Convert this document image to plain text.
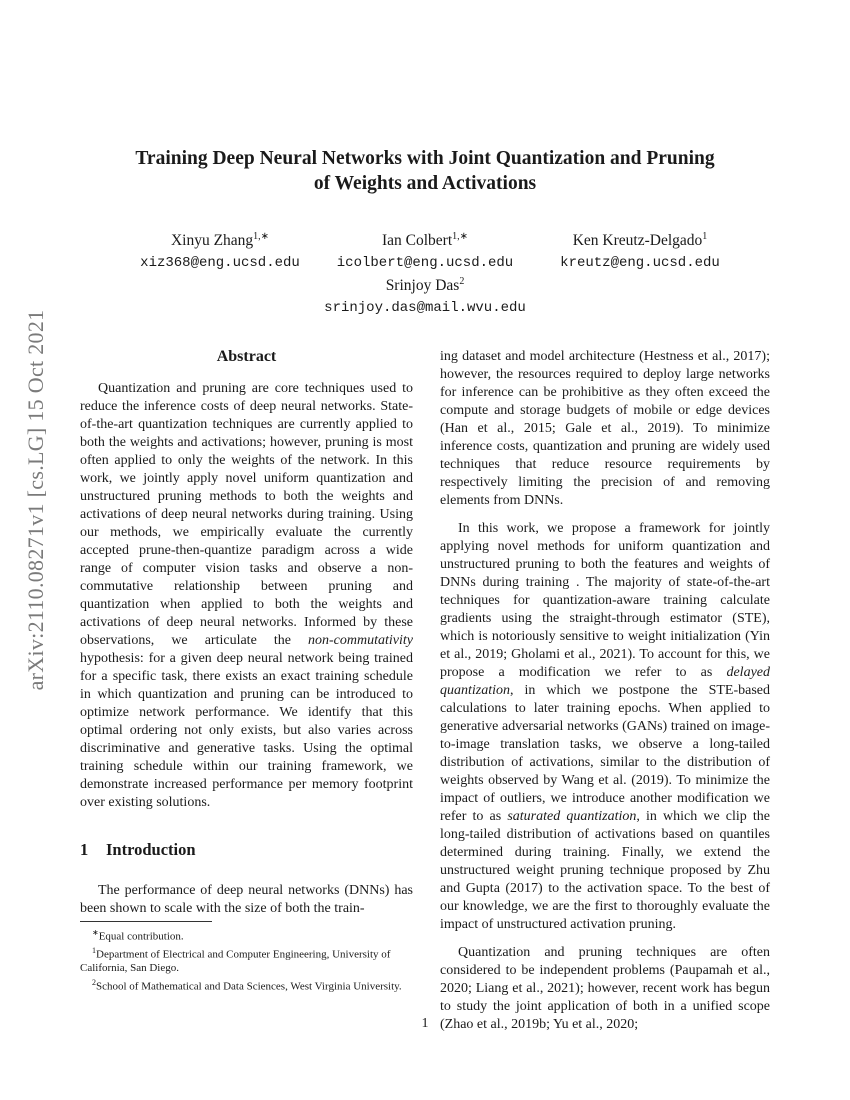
arXiv:2110.08271v1 [cs.LG] 15 Oct 2021
Training Deep Neural Networks with Joint Quantization and Pruning
of Weights and Activations
Xinyu Zhang$^{1,∗}$
xiz368@eng.ucsd.edu
Ian Colbert$^{1,∗}$
icolbert@eng.ucsd.edu
Ken Kreutz-Delgado$^1$
kreutz@eng.ucsd.edu
Srinjoy Das$^2$
srinjoy.das@mail.wvu.edu
Abstract

Quantization and pruning are core techniques used to reduce the inference costs of deep neural networks. State-of-the-art quantization techniques are currently applied to both the weights and activations; however, pruning is most often applied to only the weights of the network. In this work, we jointly apply novel uniform quantization and unstructured pruning methods to both the weights and activations of deep neural networks during training. Using our methods, we empirically evaluate the currently accepted prune-then-quantize paradigm across a wide range of computer vision tasks and observe a non-commutative relationship between pruning and quantization when applied to both the weights and activations of deep neural networks. Informed by these observations, we articulate the non-commutativity hypothesis: for a given deep neural network being trained for a specific task, there exists an exact training schedule in which quantization and pruning can be introduced to optimize network performance. We identify that this optimal ordering not only exists, but also varies across discriminative and generative tasks. Using the optimal training schedule within our training framework, we demonstrate increased performance per memory footprint over existing solutions.

1 Introduction

The performance of deep neural networks (DNNs) has been shown to scale with the size of both the train-

∗Equal contribution.

$^1$Department of Electrical and Computer Engineering, University of California, San Diego.

$^2$School of Mathematical and Data Sciences, West Virginia University.

ing dataset and model architecture (Hestness et al., 2017); however, the resources required to deploy large networks for inference can be prohibitive as they often exceed the compute and storage budgets of mobile or edge devices (Han et al., 2015; Gale et al., 2019). To minimize inference costs, quantization and pruning are widely used techniques that reduce resource requirements by respectively limiting the precision of and removing elements from DNNs.

In this work, we propose a framework for jointly applying novel methods for uniform quantization and unstructured pruning to both the features and weights of DNNs during training . The majority of state-of-the-art techniques for quantization-aware training calculate gradients using the straight-through estimator (STE), which is notoriously sensitive to weight initialization (Yin et al., 2019; Gholami et al., 2021). To account for this, we propose a modification we refer to as delayed quantization, in which we postpone the STE-based calculations to later training epochs. When applied to generative adversarial networks (GANs) trained on image-to-image translation tasks, we observe a long-tailed distribution of activations, similar to the distribution of weights observed by Wang et al. (2019). To minimize the impact of outliers, we introduce another modification we refer to as saturated quantization, in which we clip the long-tailed distribution of activations based on quantiles determined during training. Finally, we extend the unstructured weight pruning technique proposed by Zhu and Gupta (2017) to the activation space. To the best of our knowledge, we are the first to thoroughly evaluate the impact of unstructured activation pruning.

Quantization and pruning techniques are often considered to be independent problems (Paupamah et al., 2020; Liang et al., 2021); however, recent work has begun to study the joint application of both in a unified scope (Zhao et al., 2019b; Yu et al., 2020;

1
